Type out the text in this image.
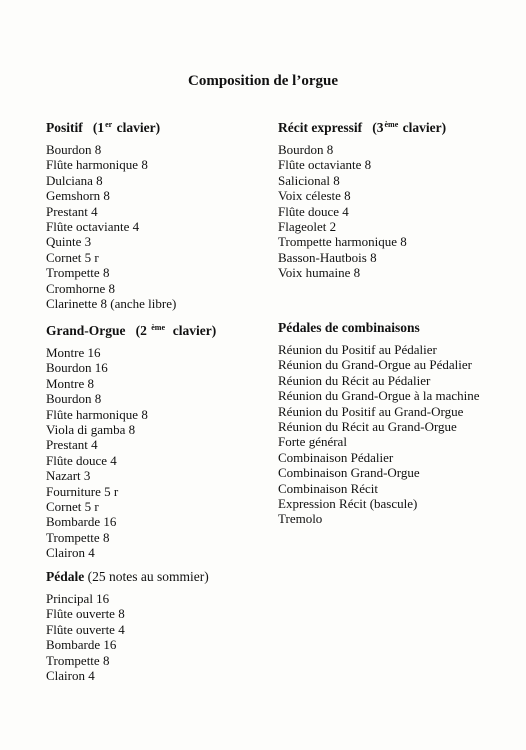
Composition de l’orgue
Positif (1er clavier)
Bourdon 8
Flûte harmonique 8
Dulciana 8
Gemshorn 8
Prestant 4
Flûte octaviante 4
Quinte 3
Cornet 5 r
Trompette 8
Cromhorne 8
Clarinette 8 (anche libre)
Grand-Orgue (2 $^{ème}$ clavier)
Montre 16
Bourdon 16
Montre 8
Bourdon 8
Flûte harmonique 8
Viola di gamba 8
Prestant 4
Flûte douce 4
Nazart 3
Fourniture 5 r
Cornet 5 r
Bombarde 16
Trompette 8
Clairon 4
Pédale (25 notes au sommier)
Principal 16
Flûte ouverte 8
Flûte ouverte 4
Bombarde 16
Trompette 8
Clairon 4
Récit expressif (3ème clavier)
Bourdon 8
Flûte octaviante 8
Salicional 8
Voix céleste 8
Flûte douce 4
Flageolet 2
Trompette harmonique 8
Basson-Hautbois 8
Voix humaine 8
Pédales de combinaisons
Réunion du Positif au Pédalier
Réunion du Grand-Orgue au Pédalier
Réunion du Récit au Pédalier
Réunion du Grand-Orgue à la machine
Réunion du Positif au Grand-Orgue
Réunion du Récit au Grand-Orgue
Forte général
Combinaison Pédalier
Combinaison Grand-Orgue
Combinaison Récit
Expression Récit (bascule)
Tremolo
